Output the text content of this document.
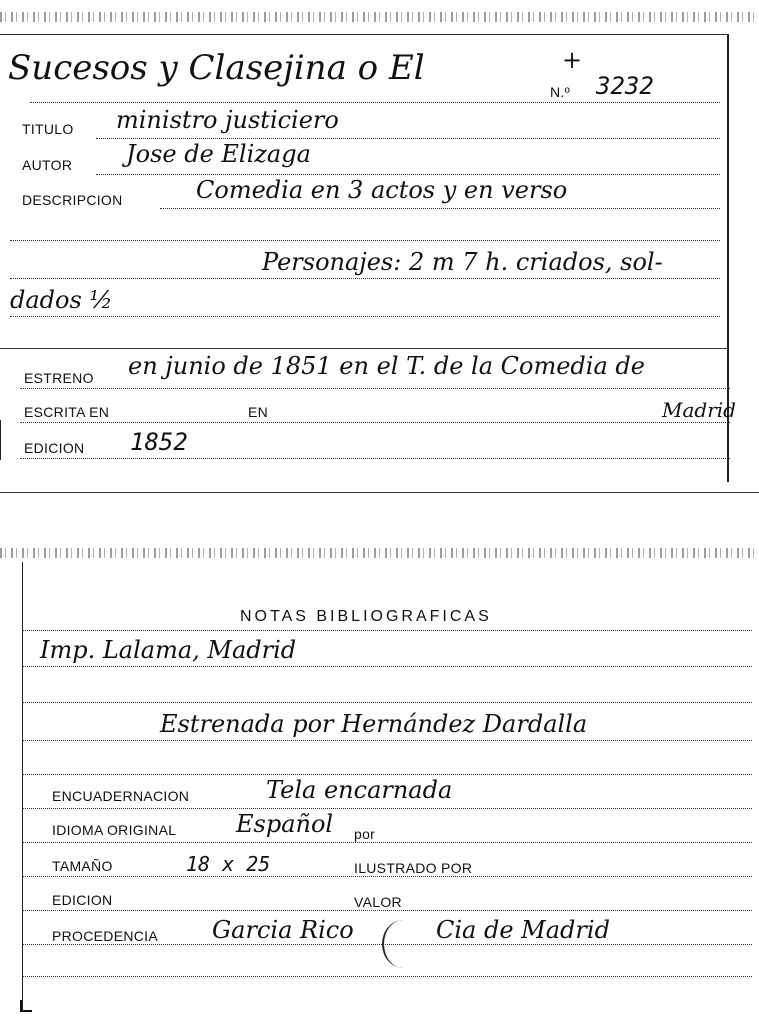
Sucesos y Clasejina o El	+
N.º 3232
TITULO ministro justiciero
AUTOR Jose de Elizaga
DESCRIPCION	Comedia en 3 actos y en verso
Personajes: 2 m 7 h. criados, sol-
dados ½
ESTRENO en junio de 1851 en el T. de la Comedia de
ESCRITA EN	EN	Madrid
EDICION 1852
NOTAS BIBLIOGRAFICAS
Imp. Lalama, Madrid
Estrenada por Hernández Dardalla
ENCUADERNACION	Tela encarnada
IDIOMA ORIGINAL Español por
TAMAÑO	18 x 25	ILUSTRADO POR
EDICION	VALOR
PROCEDENCIA Garcia Rico	Cia de Madrid
